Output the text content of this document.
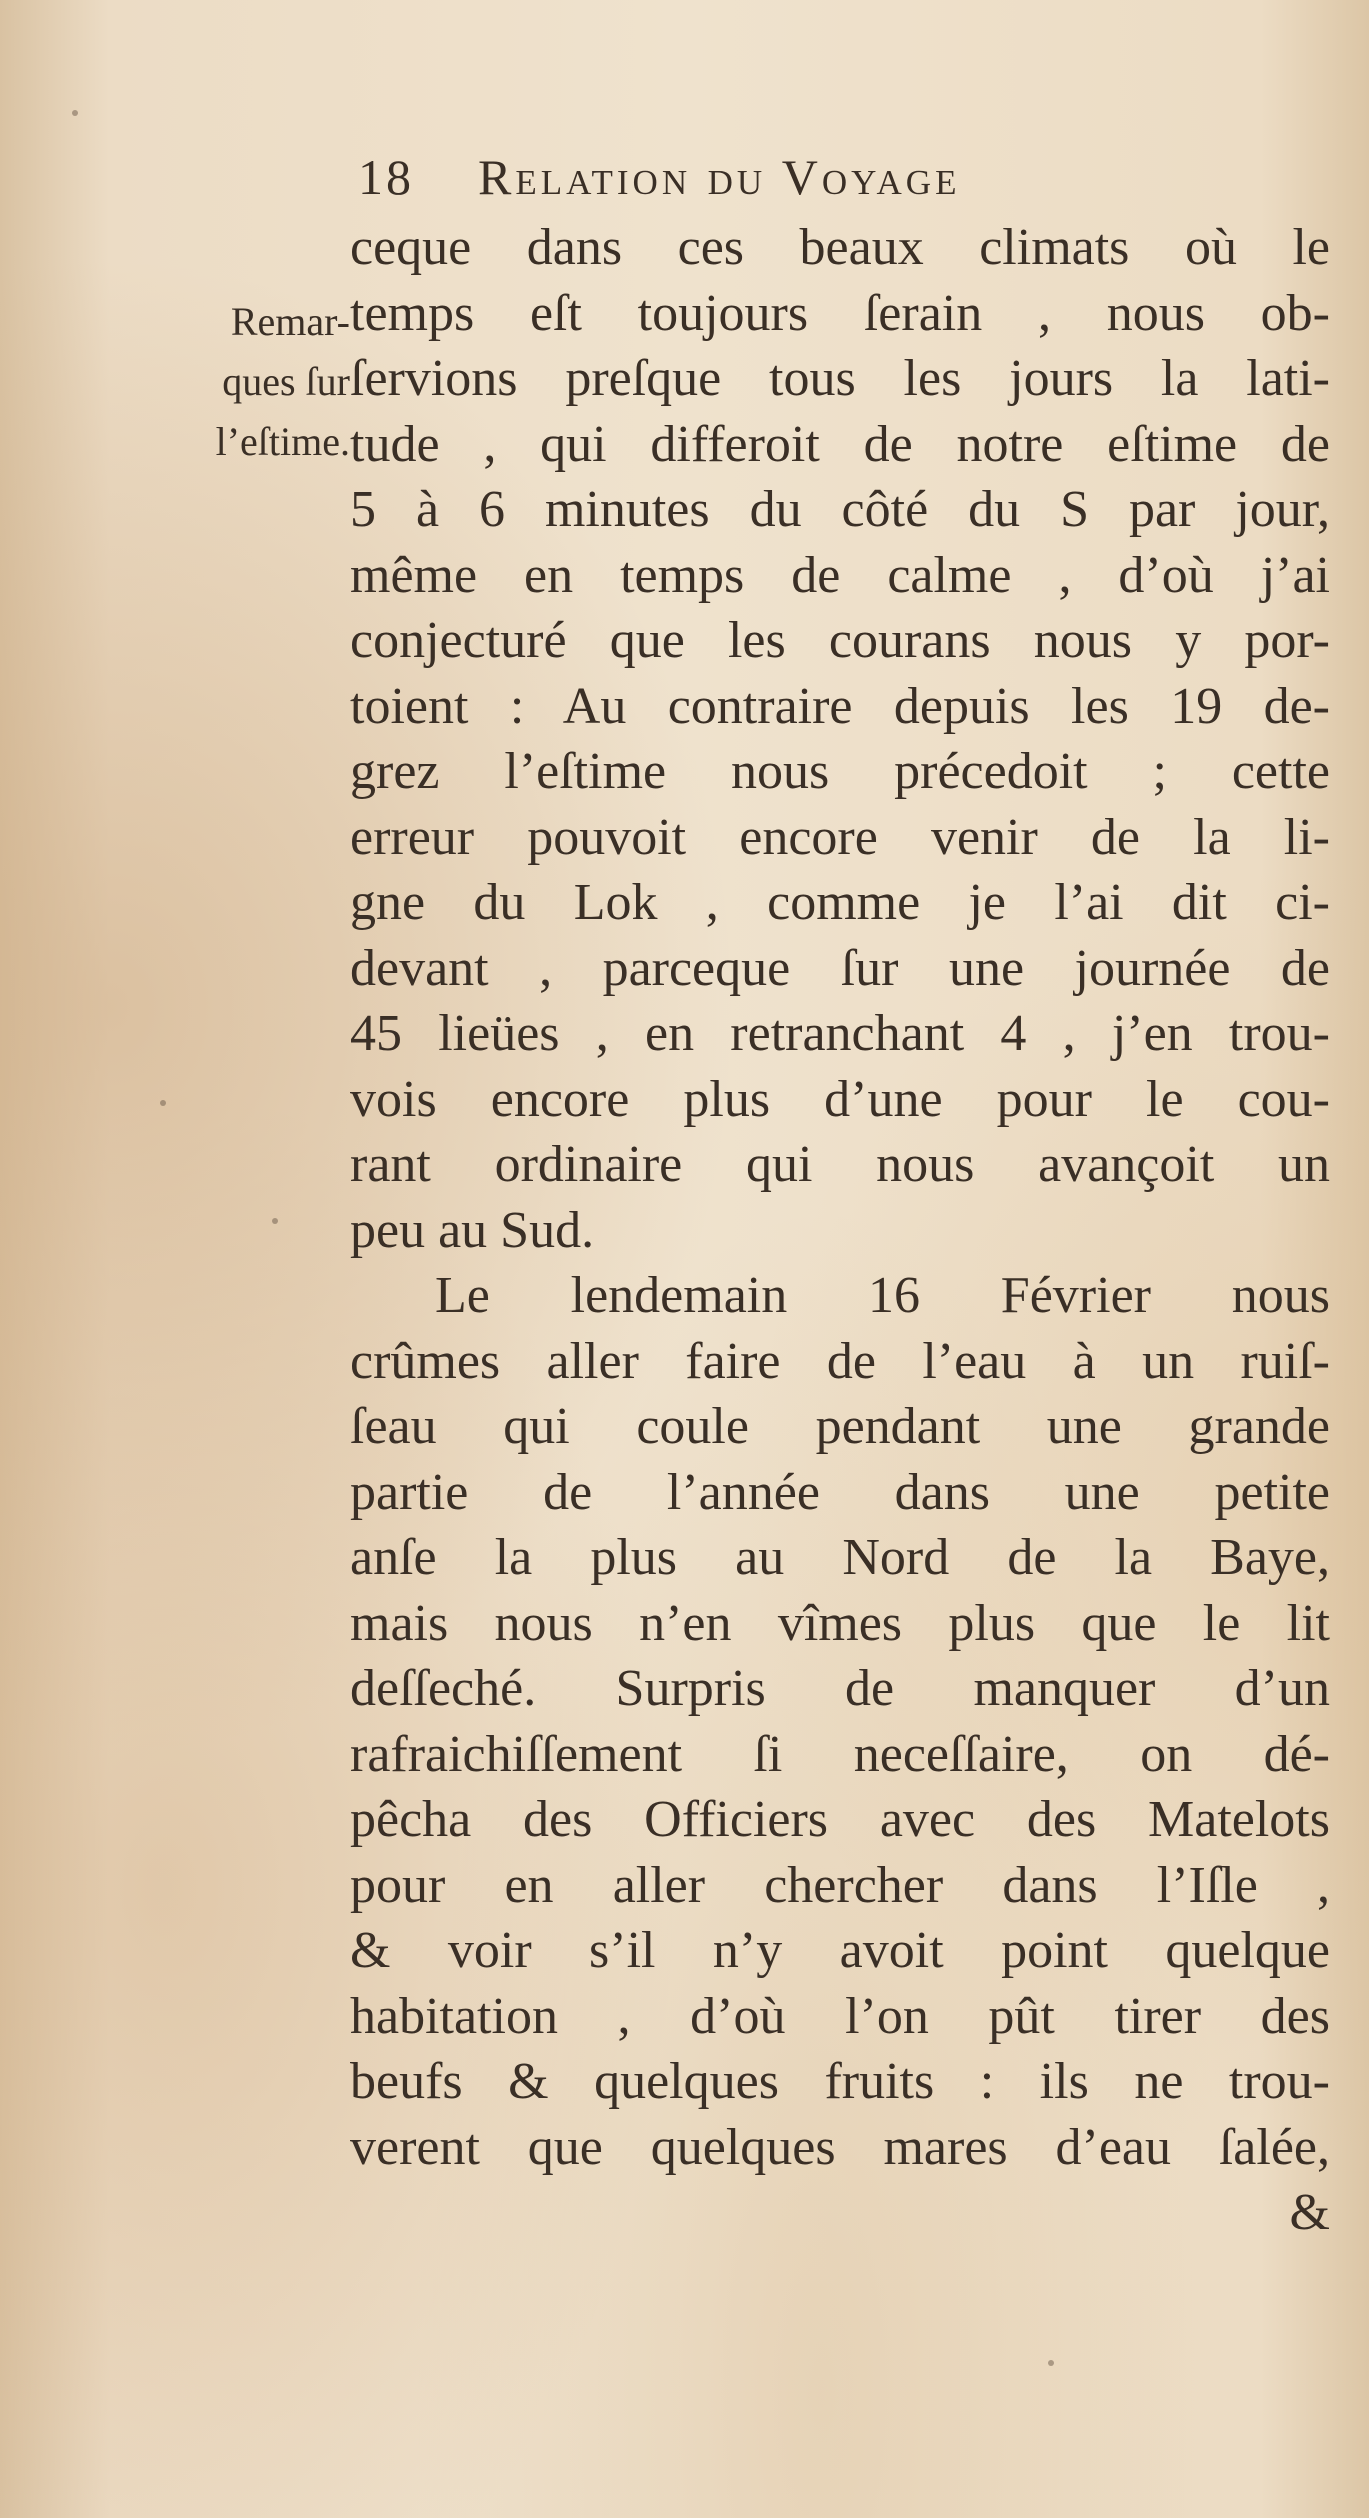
18 Relation du Voyage
Remar-
ques ſur
l’eſtime.
ceque dans ces beaux climats où le
temps eſt toujours ſerain , nous ob-
ſervions preſque tous les jours la lati-
tude , qui differoit de notre eſtime de
5 à 6 minutes du côté du S par jour,
même en temps de calme , d’où j’ai
conjecturé que les courans nous y por-
toient : Au contraire depuis les 19 de-
grez l’eſtime nous précedoit ; cette
erreur pouvoit encore venir de la li-
gne du Lok , comme je l’ai dit ci-
devant , parceque ſur une journée de
45 lieües , en retranchant 4 , j’en trou-
vois encore plus d’une pour le cou-
rant ordinaire qui nous avançoit un
peu au Sud.
Le lendemain 16 Février nous
crûmes aller faire de l’eau à un ruiſ-
ſeau qui coule pendant une grande
partie de l’année dans une petite
anſe la plus au Nord de la Baye,
mais nous n’en vîmes plus que le lit
deſſeché. Surpris de manquer d’un
rafraichiſſement ſi neceſſaire, on dé-
pêcha des Officiers avec des Matelots
pour en aller chercher dans l’Iſle ,
& voir s’il n’y avoit point quelque
habitation , d’où l’on pût tirer des
beufs & quelques fruits : ils ne trou-
verent que quelques mares d’eau ſalée,
&
